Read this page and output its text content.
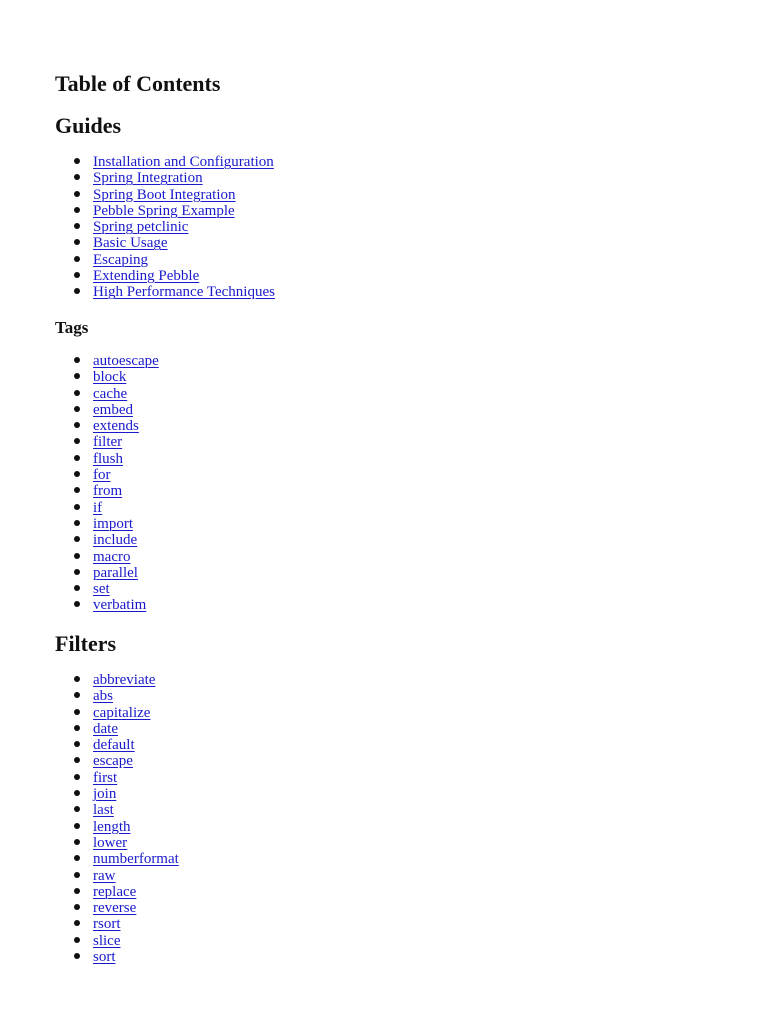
Table of Contents
Guides
Installation and Configuration
Spring Integration
Spring Boot Integration
Pebble Spring Example
Spring petclinic
Basic Usage
Escaping
Extending Pebble
High Performance Techniques
Tags
autoescape
block
cache
embed
extends
filter
flush
for
from
if
import
include
macro
parallel
set
verbatim
Filters
abbreviate
abs
capitalize
date
default
escape
first
join
last
length
lower
numberformat
raw
replace
reverse
rsort
slice
sort
